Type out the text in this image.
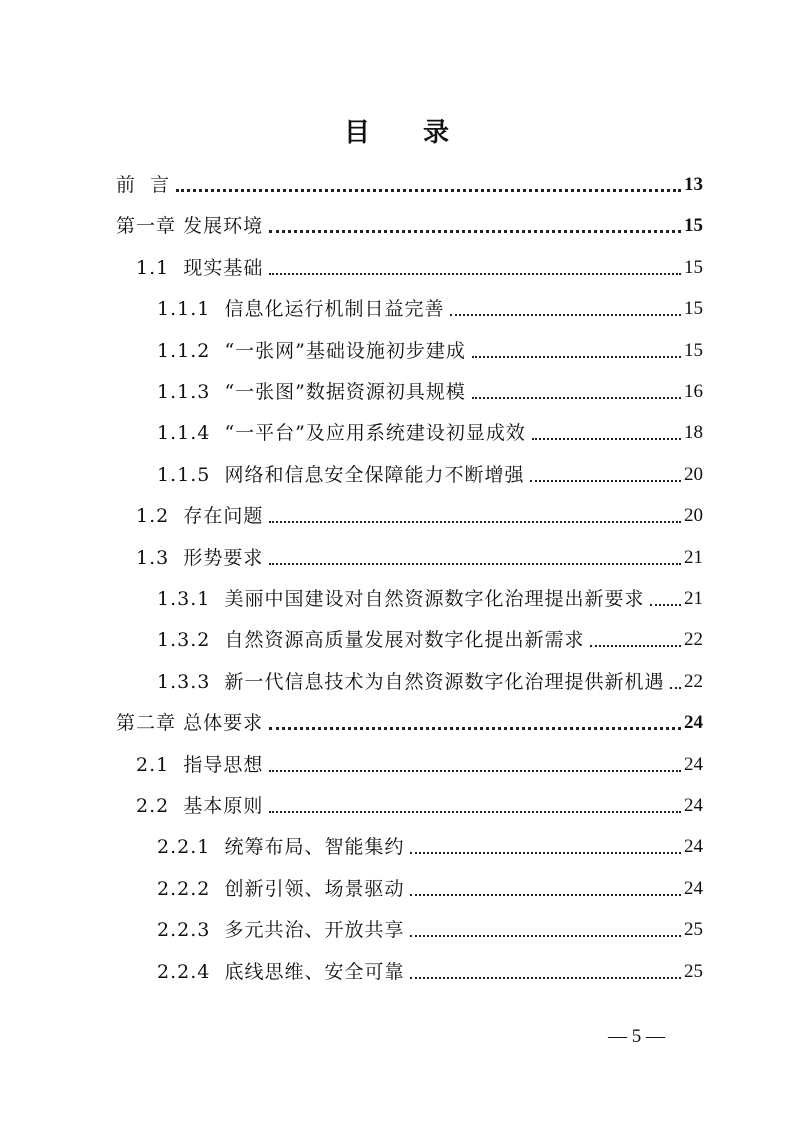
目 录
前  言	13
第一章 发展环境	15
1.1 现实基础	15
1.1.1 信息化运行机制日益完善	15
1.1.2 “一张网”基础设施初步建成	15
1.1.3 “一张图”数据资源初具规模	16
1.1.4 “一平台”及应用系统建设初显成效	18
1.1.5 网络和信息安全保障能力不断增强	20
1.2 存在问题	20
1.3 形势要求	21
1.3.1 美丽中国建设对自然资源数字化治理提出新要求 21
1.3.2 自然资源高质量发展对数字化提出新需求	22
1.3.3 新一代信息技术为自然资源数字化治理提供新机遇 22
第二章 总体要求	24
2.1 指导思想	24
2.2 基本原则	24
2.2.1 统筹布局、智能集约	24
2.2.2 创新引领、场景驱动	24
2.2.3 多元共治、开放共享	25
2.2.4 底线思维、安全可靠	25
— 5 —
